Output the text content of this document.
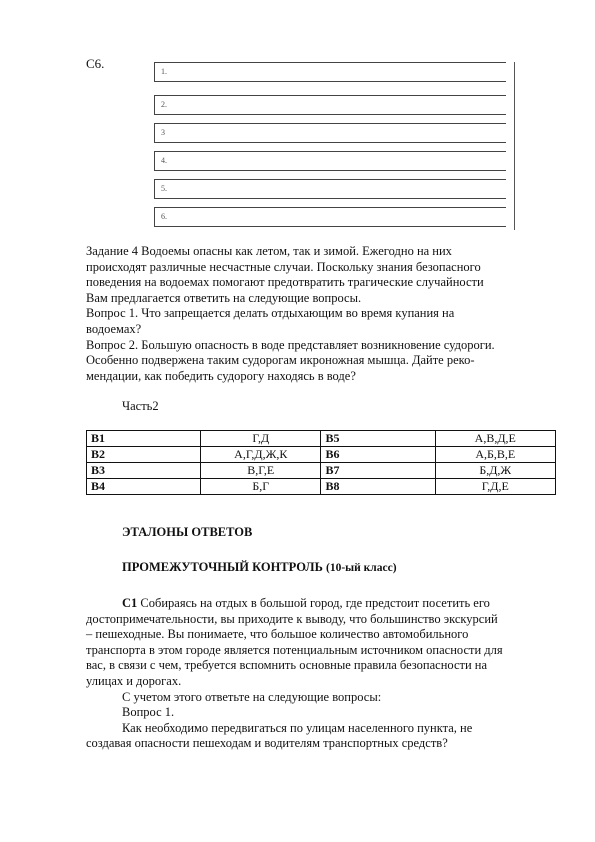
С6.
1.
2.
3
4.
5.
6.

Задание 4 Водоемы опасны как летом, так и зимой. Ежегодно на них

происходят различные несчастные случаи. Поскольку знания безопасного

поведения на водоемах помогают предотвратить трагические случайности

Вам предлагается ответить на следующие вопросы.

Вопрос 1. Что запрещается делать отдыхающим во время купания на

водоемах?

Вопрос 2. Большую опасность в воде представляет возникновение судороги.

Особенно подвержена таким судорогам икроножная мышца. Дайте реко-

мендации, как победить судорогу находясь в воде?

Часть2
В1	Г,Д	В5	А,В,Д,Е
В2	А,Г,Д,Ж,К	В6	А,Б,В,Е
В3	В,Г,Е	В7	Б,Д,Ж
В4	Б,Г	В8	Г,Д,Е
ЭТАЛОНЫ ОТВЕТОВ
ПРОМЕЖУТОЧНЫЙ КОНТРОЛЬ (10-ый класс)

С1 Собираясь на отдых в большой город, где предстоит посетить его

достопримечательности, вы приходите к выводу, что большинство экскурсий

– пешеходные. Вы понимаете, что большое количество автомобильного

транспорта в этом городе является потенциальным источником опасности для

вас, в связи с чем, требуется вспомнить основные правила безопасности на

улицах и дорогах.

С учетом этого ответьте на следующие вопросы:

Вопрос 1.

Как необходимо передвигаться по улицам населенного пункта, не

создавая опасности пешеходам и водителям транспортных средств?
